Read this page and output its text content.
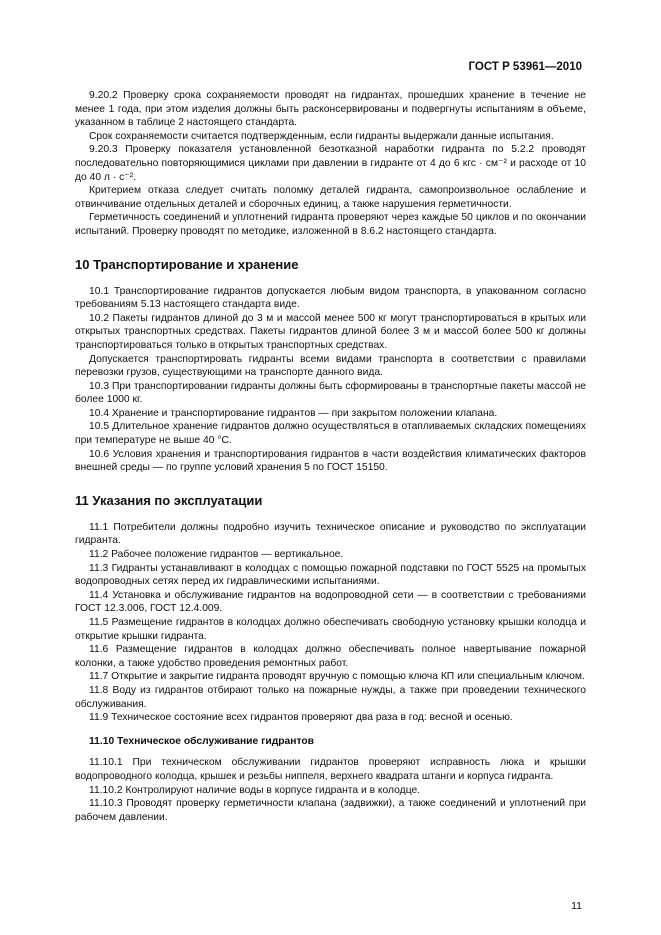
ГОСТ Р 53961—2010

9.20.2 Проверку срока сохраняемости проводят на гидрантах, прошедших хранение в течение не менее 1 года, при этом изделия должны быть расконсервированы и подвергнуты испытаниям в объеме, указанном в таблице 2 настоящего стандарта.

Срок сохраняемости считается подтвержденным, если гидранты выдержали данные испытания.

9.20.3 Проверку показателя установленной безотказной наработки гидранта по 5.2.2 проводят последовательно повторяющимися циклами при давлении в гидранте от 4 до 6 кгс · см⁻² и расходе от 10 до 40 л · с⁻².

Критерием отказа следует считать поломку деталей гидранта, самопроизвольное ослабление и отвинчивание отдельных деталей и сборочных единиц, а также нарушения герметичности.

Герметичность соединений и уплотнений гидранта проверяют через каждые 50 циклов и по окончании испытаний. Проверку проводят по методике, изложенной в 8.6.2 настоящего стандарта.

10 Транспортирование и хранение

10.1 Транспортирование гидрантов допускается любым видом транспорта, в упакованном согласно требованиям 5.13 настоящего стандарта виде.

10.2 Пакеты гидрантов длиной до 3 м и массой менее 500 кг могут транспортироваться в крытых или открытых транспортных средствах. Пакеты гидрантов длиной более 3 м и массой более 500 кг должны транспортироваться только в открытых транспортных средствах.

Допускается транспортировать гидранты всеми видами транспорта в соответствии с правилами перевозки грузов, существующими на транспорте данного вида.

10.3 При транспортировании гидранты должны быть сформированы в транспортные пакеты массой не более 1000 кг.

10.4 Хранение и транспортирование гидрантов — при закрытом положении клапана.

10.5 Длительное хранение гидрантов должно осуществляться в отапливаемых складских помещениях при температуре не выше 40 °С.

10.6 Условия хранения и транспортирования гидрантов в части воздействия климатических факторов внешней среды — по группе условий хранения 5 по ГОСТ 15150.

11 Указания по эксплуатации

11.1 Потребители должны подробно изучить техническое описание и руководство по эксплуатации гидранта.

11.2 Рабочее положение гидрантов — вертикальное.

11.3 Гидранты устанавливают в колодцах с помощью пожарной подставки по ГОСТ 5525 на промытых водопроводных сетях перед их гидравлическими испытаниями.

11.4 Установка и обслуживание гидрантов на водопроводной сети — в соответствии с требованиями ГОСТ 12.3.006, ГОСТ 12.4.009.

11.5 Размещение гидрантов в колодцах должно обеспечивать свободную установку крышки колодца и открытие крышки гидранта.

11.6 Размещение гидрантов в колодцах должно обеспечивать полное навертывание пожарной колонки, а также удобство проведения ремонтных работ.

11.7 Открытие и закрытие гидранта проводят вручную с помощью ключа КП или специальным ключом.

11.8 Воду из гидрантов отбирают только на пожарные нужды, а также при проведении технического обслуживания.

11.9 Техническое состояние всех гидрантов проверяют два раза в год: весной и осенью.

11.10 Техническое обслуживание гидрантов

11.10.1 При техническом обслуживании гидрантов проверяют исправность люка и крышки водопроводного колодца, крышек и резьбы ниппеля, верхнего квадрата штанги и корпуса гидранта.

11.10.2 Контролируют наличие воды в корпусе гидранта и в колодце.

11.10.3 Проводят проверку герметичности клапана (задвижки), а также соединений и уплотнений при рабочем давлении.

11
